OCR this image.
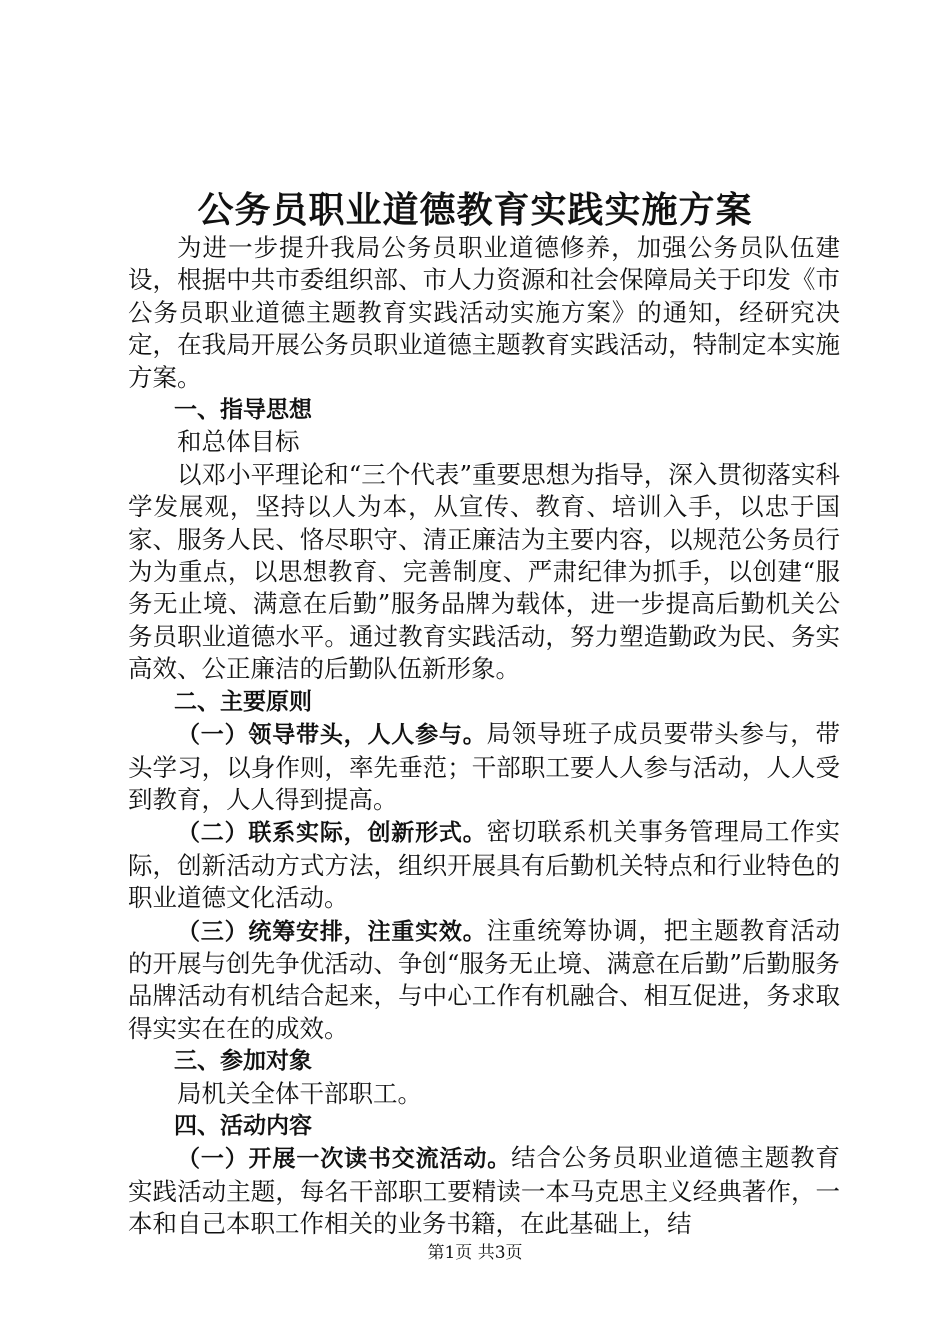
公务员职业道德教育实践实施方案

为进一步提升我局公务员职业道德修养，加强公务员队伍建设，根据中共市委组织部、市人力资源和社会保障局关于印发《市公务员职业道德主题教育实践活动实施方案》的通知，经研究决定，在我局开展公务员职业道德主题教育实践活动，特制定本实施方案。

一、指导思想

和总体目标

以邓小平理论和“三个代表”重要思想为指导，深入贯彻落实科学发展观，坚持以人为本，从宣传、教育、培训入手，以忠于国家、服务人民、恪尽职守、清正廉洁为主要内容，以规范公务员行为为重点，以思想教育、完善制度、严肃纪律为抓手，以创建“服务无止境、满意在后勤”服务品牌为载体，进一步提高后勤机关公务员职业道德水平。通过教育实践活动，努力塑造勤政为民、务实高效、公正廉洁的后勤队伍新形象。

二、主要原则

（一）领导带头，人人参与。局领导班子成员要带头参与，带头学习，以身作则，率先垂范；干部职工要人人参与活动，人人受到教育，人人得到提高。

（二）联系实际，创新形式。密切联系机关事务管理局工作实际，创新活动方式方法，组织开展具有后勤机关特点和行业特色的职业道德文化活动。

（三）统筹安排，注重实效。注重统筹协调，把主题教育活动的开展与创先争优活动、争创“服务无止境、满意在后勤”后勤服务品牌活动有机结合起来，与中心工作有机融合、相互促进，务求取得实实在在的成效。

三、参加对象

局机关全体干部职工。

四、活动内容

（一）开展一次读书交流活动。结合公务员职业道德主题教育实践活动主题，每名干部职工要精读一本马克思主义经典著作，一本和自己本职工作相关的业务书籍，在此基础上，结

第1页 共3页
